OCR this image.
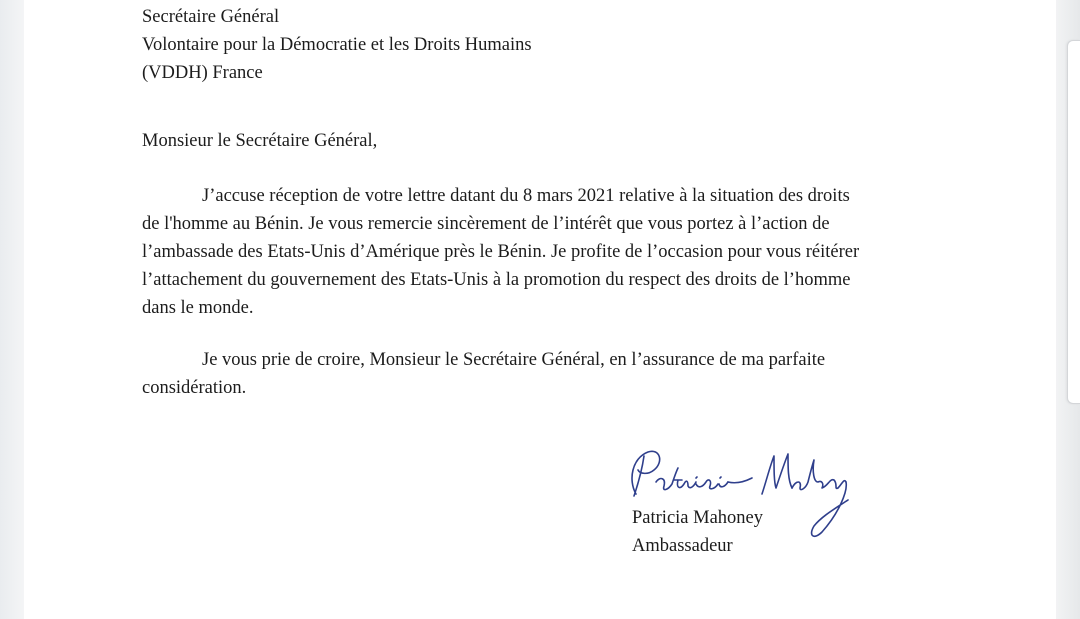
Secrétaire Général
Volontaire pour la Démocratie et les Droits Humains
(VDDH) France
Monsieur le Secrétaire Général,
J’accuse réception de votre lettre datant du 8 mars 2021 relative à la situation des droits
de l'homme au Bénin. Je vous remercie sincèrement de l’intérêt que vous portez à l’action de
l’ambassade des Etats-Unis d’Amérique près le Bénin. Je profite de l’occasion pour vous réitérer
l’attachement du gouvernement des Etats-Unis à la promotion du respect des droits de l’homme
dans le monde.
Je vous prie de croire, Monsieur le Secrétaire Général, en l’assurance de ma parfaite
considération.
Patricia Mahoney
Ambassadeur
